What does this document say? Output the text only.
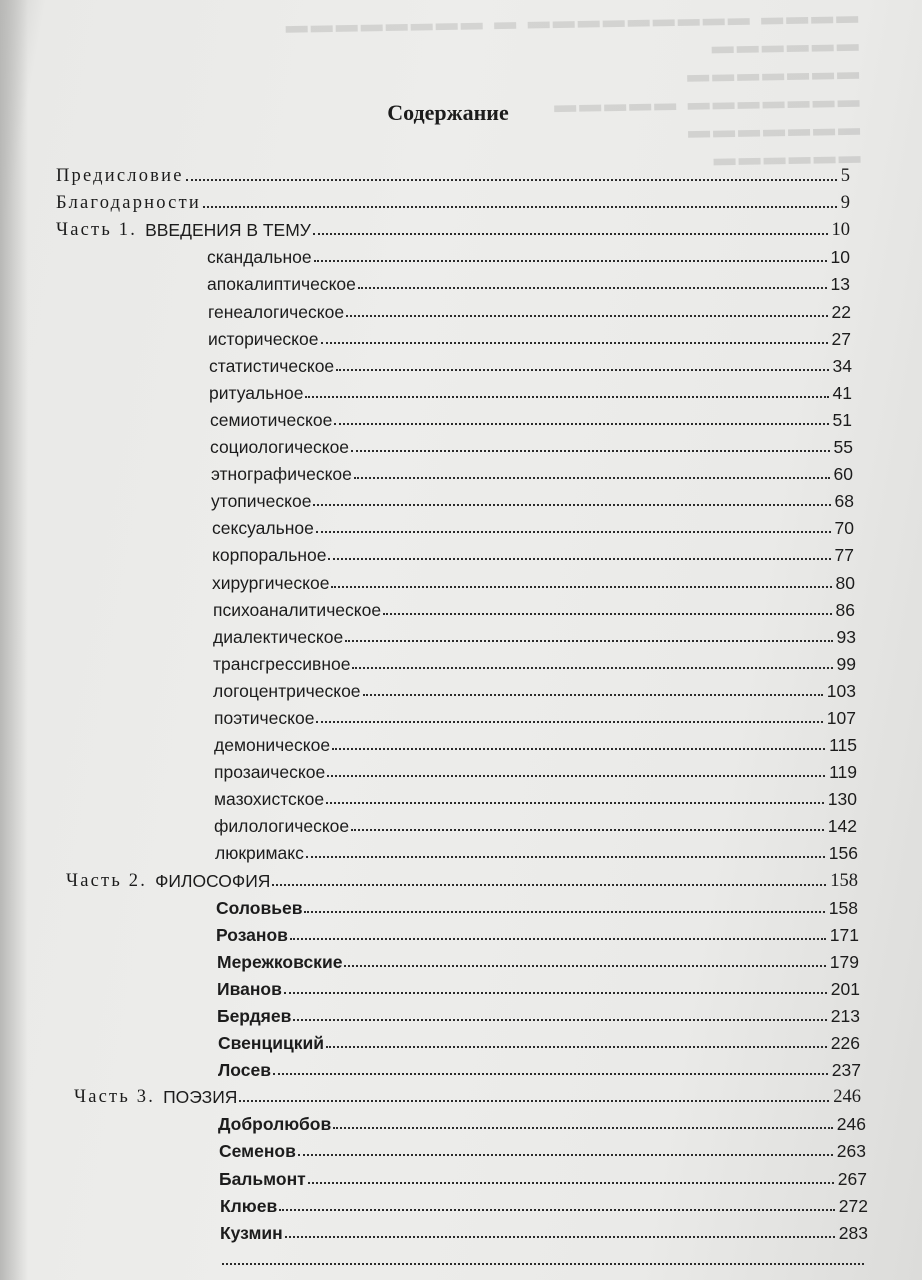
▬▬▬▬ ▬▬▬▬▬▬▬▬▬ ▬ ▬▬▬▬▬▬▬▬
▬▬▬▬▬▬
▬▬▬▬▬▬▬
▬▬▬▬▬▬▬ ▬▬▬▬▬
▬▬▬▬▬▬▬
▬▬▬▬▬▬
Содержание
Предисловие	5
Благодарности	9
Часть 1. ВВЕДЕНИЯ В ТЕМУ	10
скандальное	10
апокалиптическое	13
генеалогическое	22
историческое	27
статистическое	34
ритуальное	41
семиотическое	51
социологическое	55
этнографическое	60
утопическое	68
сексуальное	70
корпоральное	77
хирургическое	80
психоаналитическое	86
диалектическое	93
трансгрессивное	99
логоцентрическое	103
поэтическое	107
демоническое	115
прозаическое	119
мазохистское	130
филологическое	142
люкримакс	156
Часть 2. ФИЛОСОФИЯ	158
Соловьев	158
Розанов	171
Мережковские	179
Иванов	201
Бердяев	213
Свенцицкий	226
Лосев	237
Часть 3. ПОЭЗИЯ	246
Добролюбов	246
Семенов	263
Бальмонт	267
Клюев	272
Кузмин	283
